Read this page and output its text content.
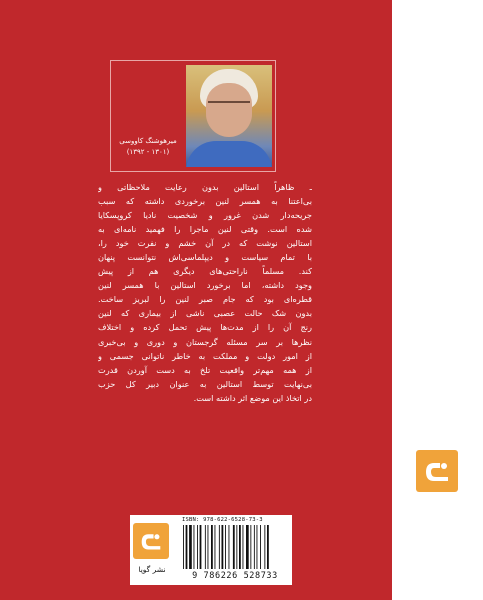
میرهوشنگ کاووسی
(۱۳۰۱ - ۱۳۹۲)
ـ ظاهراً استالین بدون رعایت ملاحظاتی و
بی‌اعتنا به همسر لنین برخوردی داشته که سبب
جریحه‌دار شدن غرور و شخصیت نادیا کروپسکایا
شده است. وقتی لنین ماجرا را فهمید نامه‌ای به
استالین نوشت که در آن خشم و نفرت خود را،
با تمام سیاست و دیپلماسی‌اش نتوانست پنهان
کند. مسلماً ناراحتی‌های دیگری هم از پیش
وجود داشته، اما برخورد استالین با همسر لنین
قطره‌ای بود که جام صبر لنین را لبریز ساخت.
بدون شک حالت عصبی ناشی از بیماری که لنین
رنج آن را از مدت‌ها پیش تحمل کرده و اختلاف
نظرها بر سر مسئله گرجستان و دوری و بی‌خبری
از امور دولت و مملکت به خاطر ناتوانی جسمی و
از همه مهم‌تر واقعیت تلخ به دست آوردن قدرت
بی‌نهایت توسط استالین به عنوان دبیر کل حزب
در اتخاذ این موضع اثر داشته است.
نشر گویا
ISBN: 978-622-6528-73-3
9 786226 528733
